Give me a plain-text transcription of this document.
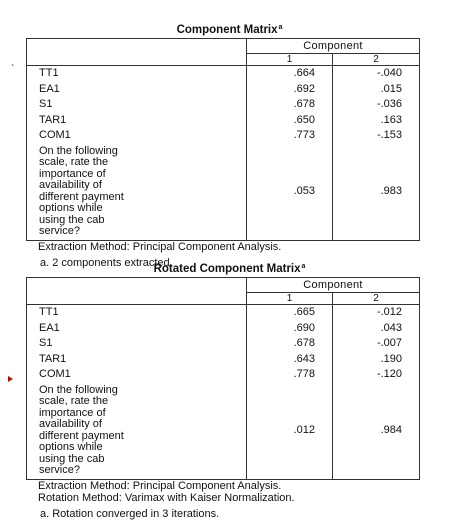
`
Component Matrix$^a$
	Component	
	1	2
TT1	.664	-.040
EA1	.692	.015
S1	.678	-.036
TAR1	.650	.163
COM1	.773	-.153
On the following scale, rate the importance of availability of different payment options while using the cab service?	.053	.983
Extraction Method: Principal Component Analysis.
a. 2 components extracted.
Rotated Component Matrix$^a$
	Component	
	1	2
TT1	.665	-.012
EA1	.690	.043
S1	.678	-.007
TAR1	.643	.190
COM1	.778	-.120
On the following scale, rate the importance of availability of different payment options while using the cab service?	.012	.984
Extraction Method: Principal Component Analysis.
Rotation Method: Varimax with Kaiser Normalization.
a. Rotation converged in 3 iterations.
